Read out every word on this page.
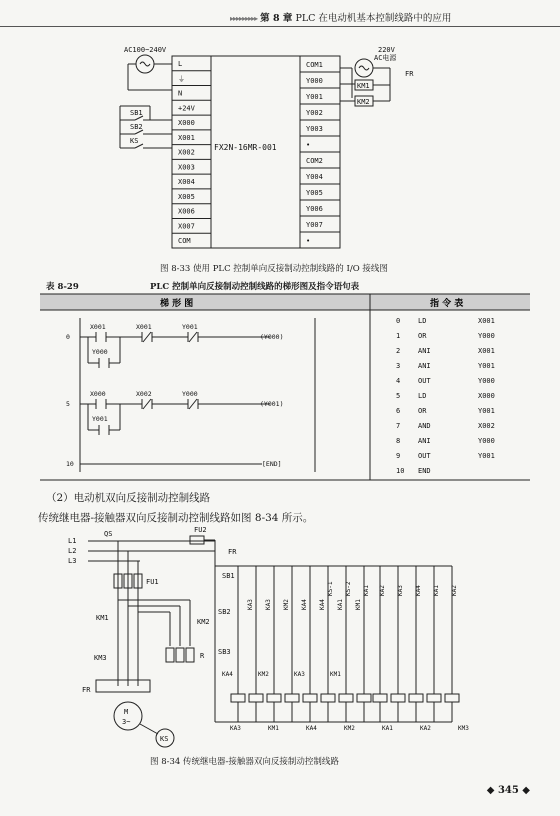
▸▸▸▸▸▸▸▸▸ 第 8 章 PLC 在电动机基本控制线路中的应用
AC100~240V	220V
AC电源
FR
FX2N-16MR-001
L
⏚
N
+24V
X000
X001
X002
X003
X004
X005
X006
X007
COM
COM1
Y000
Y001
Y002
Y003
•
COM2
Y004
Y005
Y006
Y007
•
SB1
SB2
KS
KM1
KM2
图 8-33 使用 PLC 控制单向反接制动控制线路的 I/O 接线图
表 8-29	PLC 控制单向反接制动控制线路的梯形图及指令语句表
梯 形 图	指 令 表
0
X001	X001	Y001
Y000
(Y000)
5
X000	X002	Y000
Y001
(Y001)
10	[END]
0	LD	X001
1	OR	Y000
2	ANI	X001
3	ANI	Y001
4	OUT	Y000
5	LD	X000
6	OR	Y001
7	AND	X002
8	ANI	Y000
9	OUT	Y001
10 END
（2）电动机双向反接制动控制线路
传统继电器-接触器双向反接制动控制线路如图 8-34 所示。
L1
L2
L3
QS	FU2
FU1
KM1	KM2
KM3	R
FR
M
3~
KS
FR
SB1
SB2
SB3
KA3 KA3 KM2 KA4 KA4 KA1 KM1
KS-1 KS-2 KA1 KA2 KA3 KA4 KA1 KA2
KA4	KM2	KA3	KM1
KA3	KM1	KA4	KM2	KA1	KA2	KM3
图 8-34 传统继电器-接触器双向反接制动控制线路
◆ 345 ◆
